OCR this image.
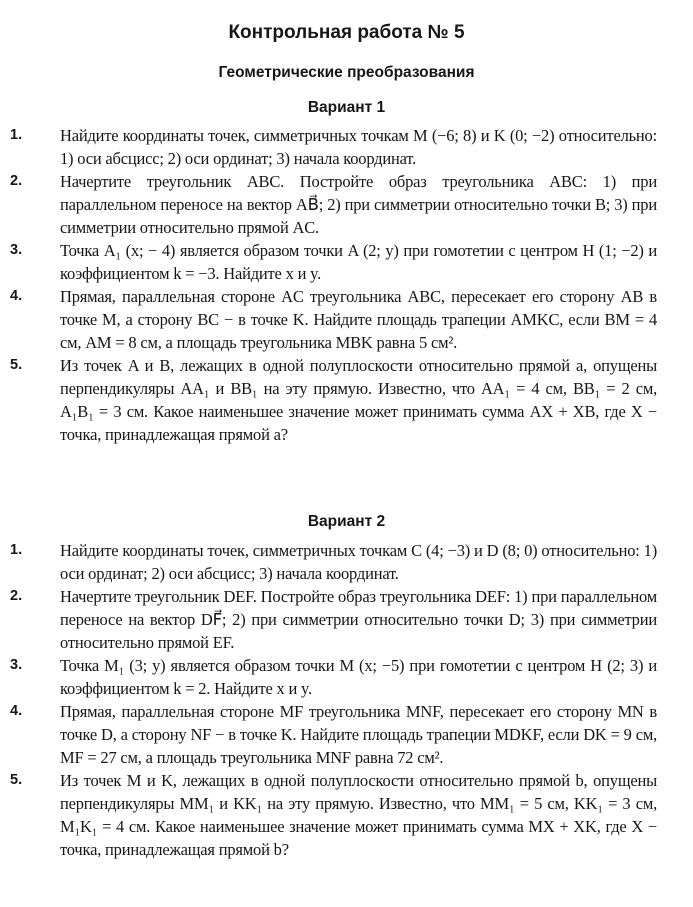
Контрольная работа № 5
Геометрические преобразования
Вариант 1
1. Найдите координаты точек, симметричных точкам M (−6; 8) и K (0; −2) относительно: 1) оси абсцисс; 2) оси ординат; 3) начала координат.
2. Начертите треугольник ABC. Постройте образ треугольника ABC: 1) при параллельном переносе на вектор AB⃗; 2) при симметрии относительно точки B; 3) при симметрии относительно прямой AC.
3. Точка A₁ (x; − 4) является образом точки A (2; y) при гомотетии с центром H (1; −2) и коэффициентом k = −3. Найдите x и y.
4. Прямая, параллельная стороне AC треугольника ABC, пересекает его сторону AB в точке M, а сторону BC − в точке K. Найдите площадь трапеции AMKC, если BM = 4 см, AM = 8 см, а площадь треугольника MBK равна 5 см².
5. Из точек A и B, лежащих в одной полуплоскости относительно прямой a, опущены перпендикуляры AA₁ и BB₁ на эту прямую. Известно, что AA₁ = 4 см, BB₁ = 2 см, A₁B₁ = 3 см. Какое наименьшее значение может принимать сумма AX + XB, где X − точка, принадлежащая прямой a?
Вариант 2
1. Найдите координаты точек, симметричных точкам C (4; −3) и D (8; 0) относительно: 1) оси ординат; 2) оси абсцисс; 3) начала координат.
2. Начертите треугольник DEF. Постройте образ треугольника DEF: 1) при параллельном переносе на вектор DF⃗; 2) при симметрии относительно точки D; 3) при симметрии относительно прямой EF.
3. Точка M₁ (3; y) является образом точки M (x; −5) при гомотетии с центром H (2; 3) и коэффициентом k = 2. Найдите x и y.
4. Прямая, параллельная стороне MF треугольника MNF, пересекает его сторону MN в точке D, а сторону NF − в точке K. Найдите площадь трапеции MDKF, если DK = 9 см, MF = 27 см, а площадь треугольника MNF равна 72 см².
5. Из точек M и K, лежащих в одной полуплоскости относительно прямой b, опущены перпендикуляры MM₁ и KK₁ на эту прямую. Известно, что MM₁ = 5 см, KK₁ = 3 см, M₁K₁ = 4 см. Какое наименьшее значение может принимать сумма MX + XK, где X − точка, принадлежащая прямой b?
